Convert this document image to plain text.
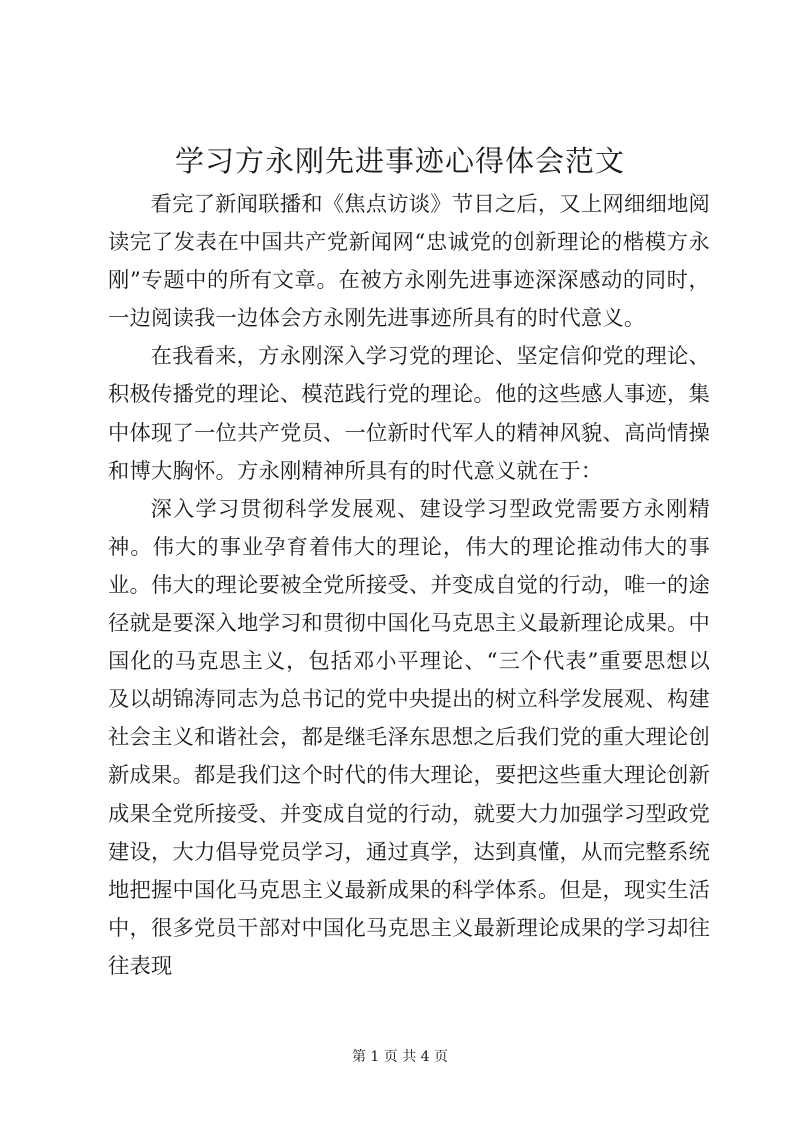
学习方永刚先进事迹心得体会范文

看完了新闻联播和《焦点访谈》节目之后，又上网细细地阅读完了发表在中国共产党新闻网“忠诚党的创新理论的楷模方永刚”专题中的所有文章。在被方永刚先进事迹深深感动的同时，一边阅读我一边体会方永刚先进事迹所具有的时代意义。

在我看来，方永刚深入学习党的理论、坚定信仰党的理论、积极传播党的理论、模范践行党的理论。他的这些感人事迹，集中体现了一位共产党员、一位新时代军人的精神风貌、高尚情操和博大胸怀。方永刚精神所具有的时代意义就在于：

深入学习贯彻科学发展观、建设学习型政党需要方永刚精神。伟大的事业孕育着伟大的理论，伟大的理论推动伟大的事业。伟大的理论要被全党所接受、并变成自觉的行动，唯一的途径就是要深入地学习和贯彻中国化马克思主义最新理论成果。中国化的马克思主义，包括邓小平理论、“三个代表”重要思想以及以胡锦涛同志为总书记的党中央提出的树立科学发展观、构建社会主义和谐社会，都是继毛泽东思想之后我们党的重大理论创新成果。都是我们这个时代的伟大理论，要把这些重大理论创新成果全党所接受、并变成自觉的行动，就要大力加强学习型政党建设，大力倡导党员学习，通过真学，达到真懂，从而完整系统地把握中国化马克思主义最新成果的科学体系。但是，现实生活中，很多党员干部对中国化马克思主义最新理论成果的学习却往往表现

第 1 页 共 4 页
